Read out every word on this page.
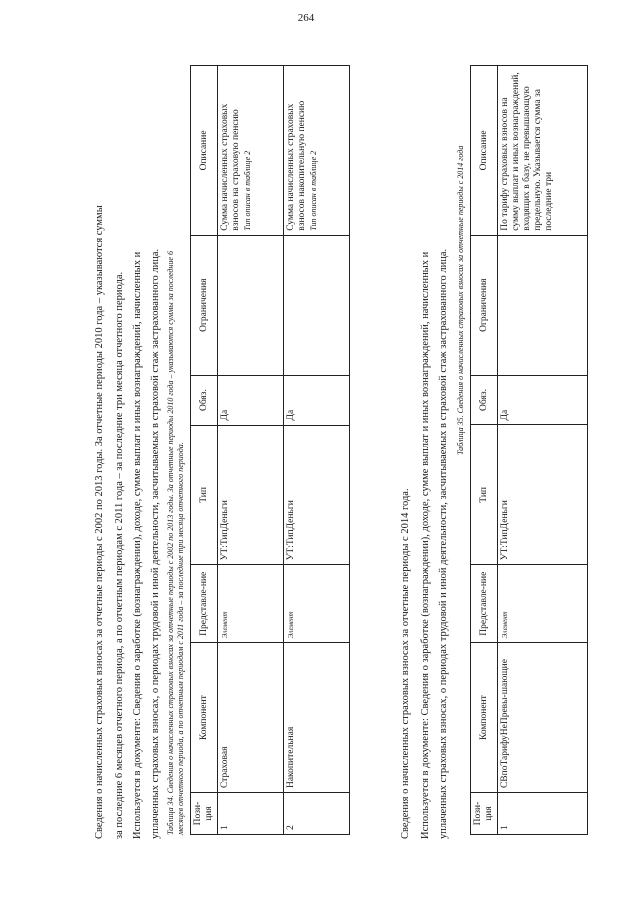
264
Сведения о начисленных страховых взносах за отчетные периоды с 2002 по 2013 годы. За отчетные периоды 2010 года – указываются суммы за последние 6 месяцев отчетного периода, а по отчетным периодам с 2011 года – за последние три месяца отчетного периода. Используется в документе: Сведения о заработке (вознаграждении), доходе, сумме выплат и иных вознаграждений, начисленных и уплаченных страховых взносах, о периодах трудовой и иной деятельности, засчитываемых в страховой стаж застрахованного лица. Таблица 34. Сведения о начисленных страховых взносах за отчетные периоды с 2002 по 2013 годы. За отчетные периоды 2010 года – указываются суммы за последние 6 месяцев отчетного периода, а по отчетным периодам с 2011 года – за последние три месяца отчетного периода. Пози-ция	Компонент	Представле-ние	Тип	Обяз.	Ограничения	Описание
1	Страховая	Элемент	УТ:ТипДеньги	Да		Сумма начисленных страховых взносов на страховую пенсию Тип описан в таблице 2

2	Накопительная	Элемент	УТ:ТипДеньги	Да		Сумма начисленных страховых взносов накопительную пенсию Тип описан в таблице 2
Сведения о начисленных страховых взносах за отчетные периоды с 2014 года. Используется в документе: Сведения о заработке (вознаграждении), доходе, сумме выплат и иных вознаграждений, начисленных и уплаченных страховых взносах, о периодах трудовой и иной деятельности, засчитываемых в страховой стаж застрахованного лица. Таблица 35. Сведения о начисленных страховых взносах за отчетные периоды с 2014 года
Пози-ция	Компонент	Представле-ние	Тип	Обяз.	Ограничения	Описание
1	СВпоТарифуНеПревы-шающие	Элемент	УТ:ТипДеньги	Да		По тарифу страховых взносов на сумму выплат и иных вознаграждений, входящих в базу, не превышающую предельную. Указывается сумма за последние три
